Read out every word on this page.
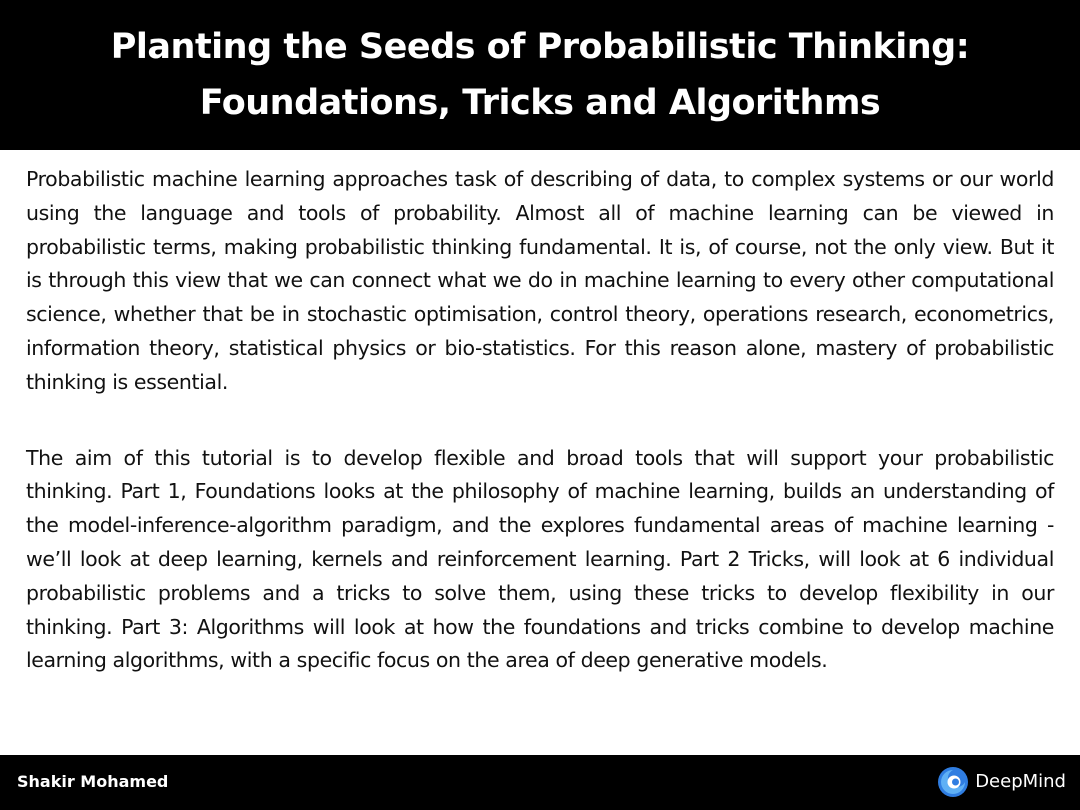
Planting the Seeds of Probabilistic Thinking:
Foundations, Tricks and Algorithms

Probabilistic machine learning approaches task of describing of data, to complex systems or our world using the language and tools of probability. Almost all of machine learning can be viewed in probabilistic terms, making probabilistic thinking fundamental. It is, of course, not the only view. But it is through this view that we can connect what we do in machine learning to every other computational science, whether that be in stochastic optimisation, control theory, operations research, econometrics, information theory, statistical physics or bio-statistics. For this reason alone, mastery of probabilistic thinking is essential.

The aim of this tutorial is to develop flexible and broad tools that will support your probabilistic thinking. Part 1, Foundations looks at the philosophy of machine learning, builds an understanding of the model-inference-algorithm paradigm, and the explores fundamental areas of machine learning - we’ll look at deep learning, kernels and reinforcement learning. Part 2 Tricks, will look at 6 individual probabilistic problems and a tricks to solve them, using these tricks to develop flexibility in our thinking. Part 3: Algorithms will look at how the foundations and tricks combine to develop machine learning algorithms, with a specific focus on the area of deep generative models.

Shakir Mohamed	DeepMind
